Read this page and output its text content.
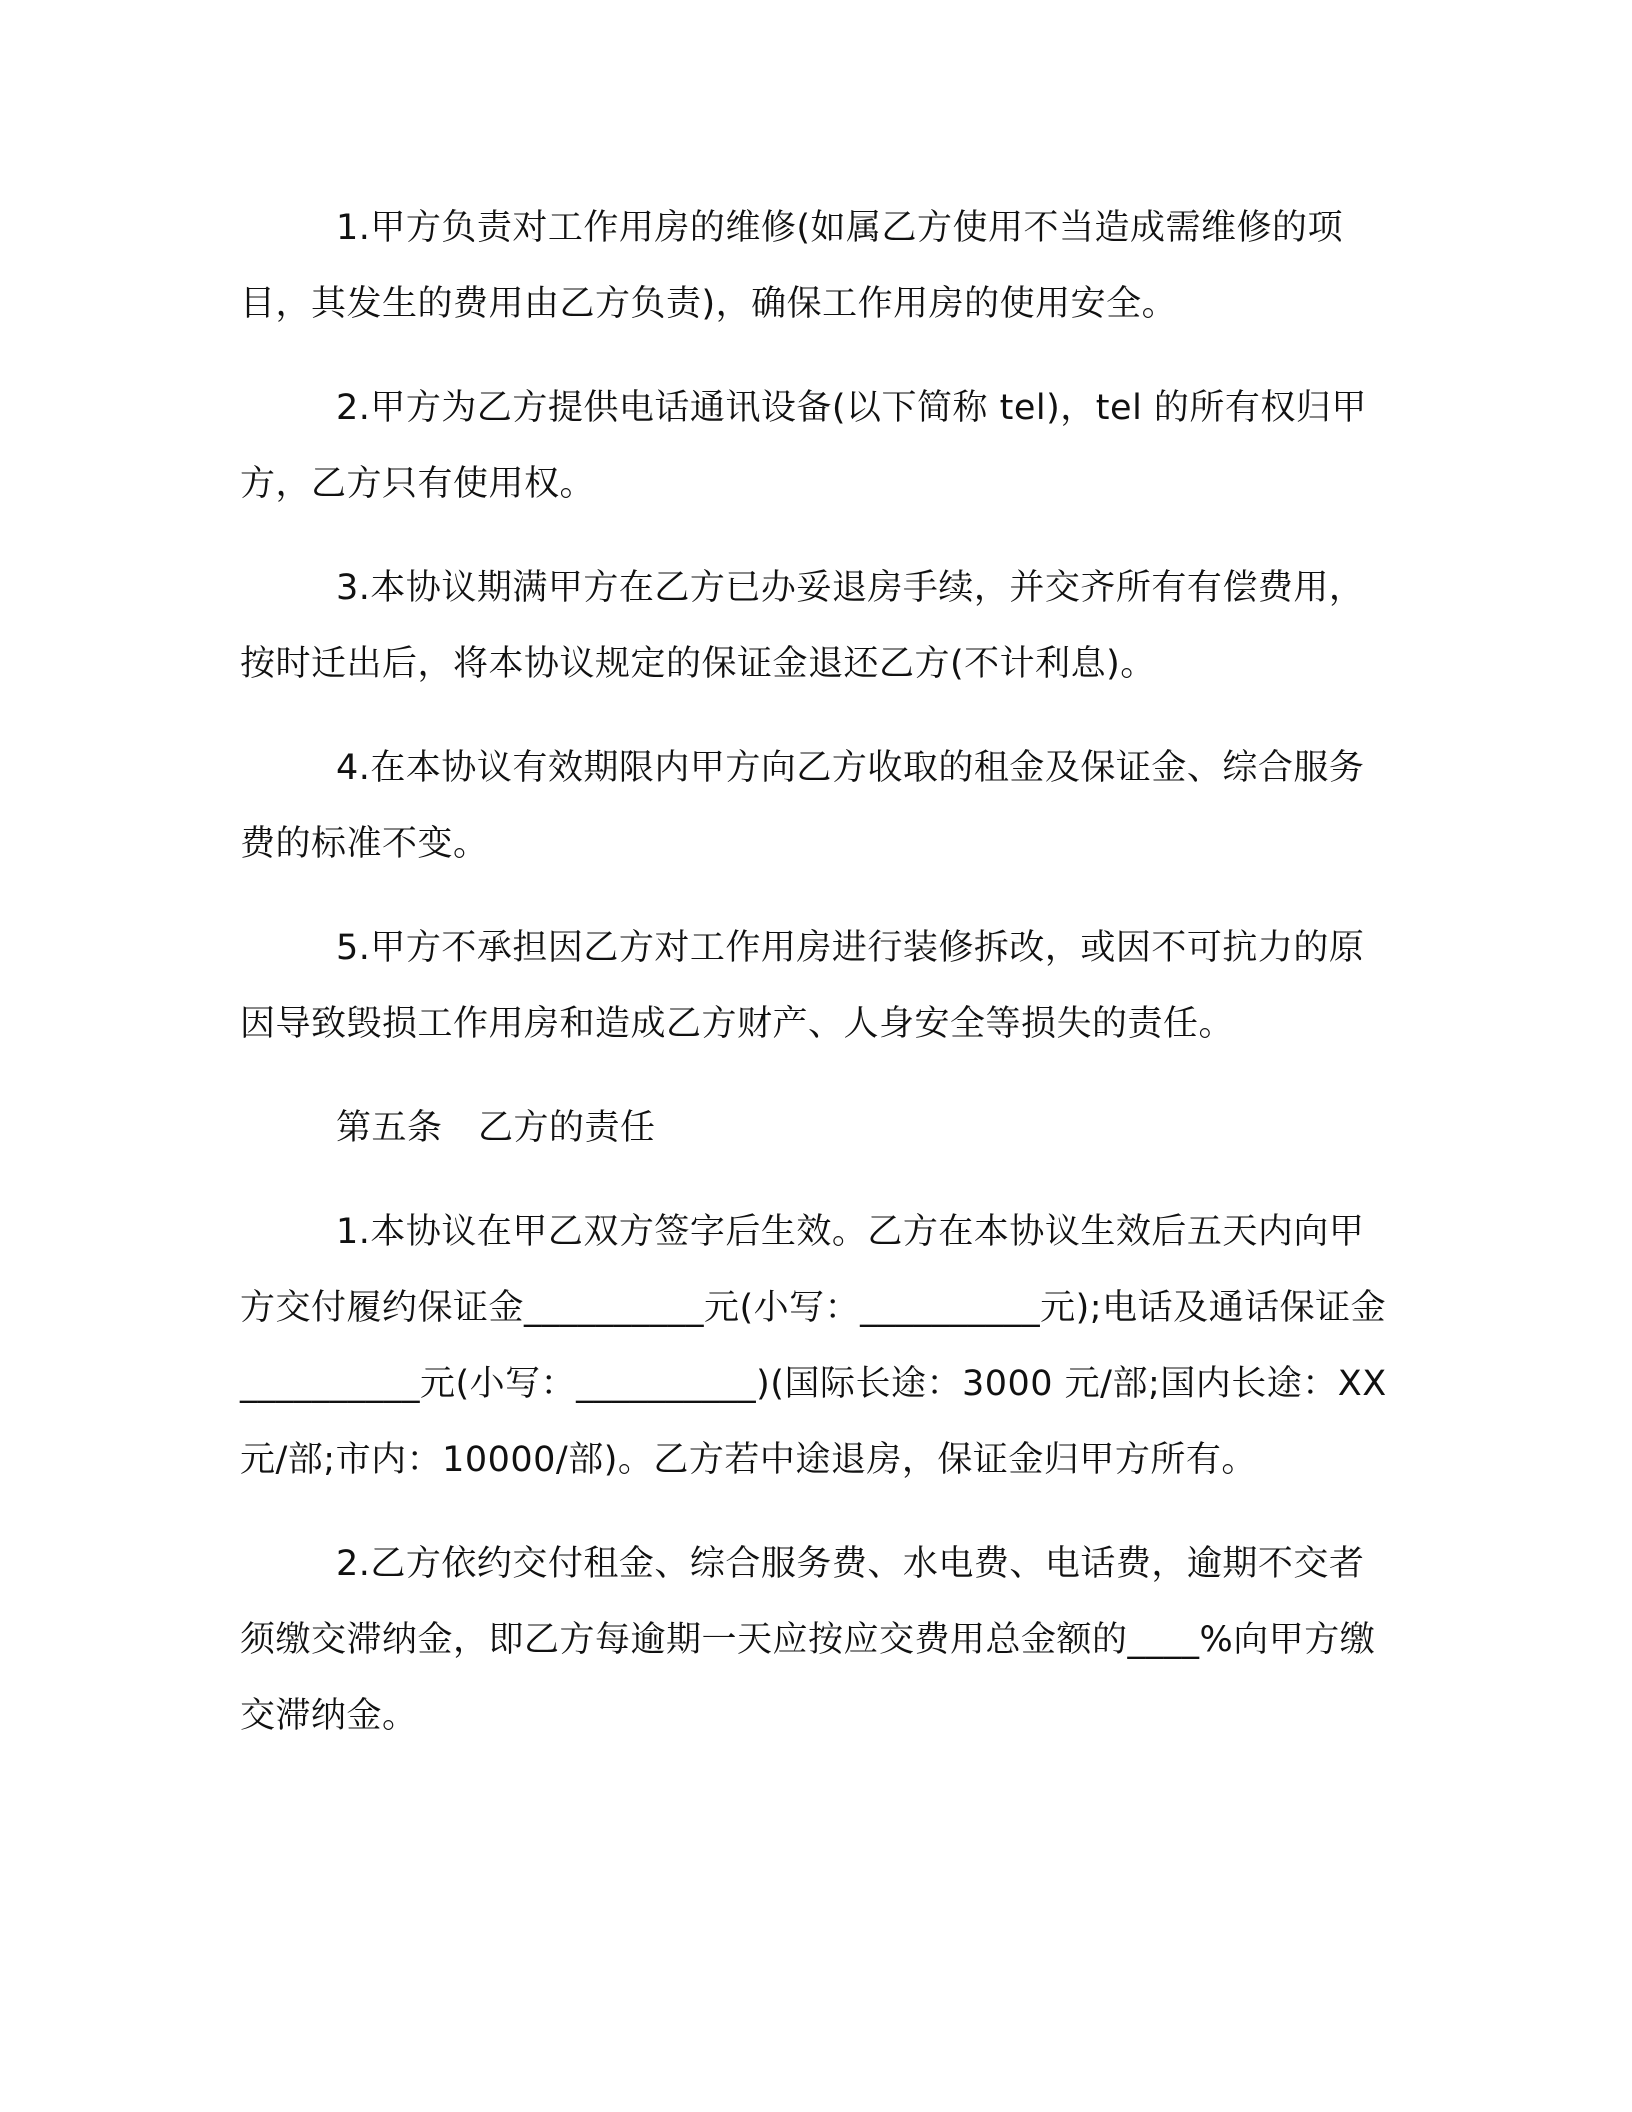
1.甲方负责对工作用房的维修(如属乙方使用不当造成需维修的项目，其发生的费用由乙方负责)，确保工作用房的使用安全。

2.甲方为乙方提供电话通讯设备(以下简称 tel)，tel 的所有权归甲方，乙方只有使用权。

3.本协议期满甲方在乙方已办妥退房手续，并交齐所有有偿费用，按时迁出后，将本协议规定的保证金退还乙方(不计利息)。

4.在本协议有效期限内甲方向乙方收取的租金及保证金、综合服务费的标准不变。

5.甲方不承担因乙方对工作用房进行装修拆改，或因不可抗力的原因导致毁损工作用房和造成乙方财产、人身安全等损失的责任。

第五条　乙方的责任

1.本协议在甲乙双方签字后生效。乙方在本协议生效后五天内向甲方交付履约保证金__________元(小写：__________元);电话及通话保证金__________元(小写：__________)(国际长途：3000 元/部;国内长途：XX 元/部;市内：10000/部)。乙方若中途退房，保证金归甲方所有。

2.乙方依约交付租金、综合服务费、水电费、电话费，逾期不交者须缴交滞纳金，即乙方每逾期一天应按应交费用总金额的____%向甲方缴交滞纳金。
